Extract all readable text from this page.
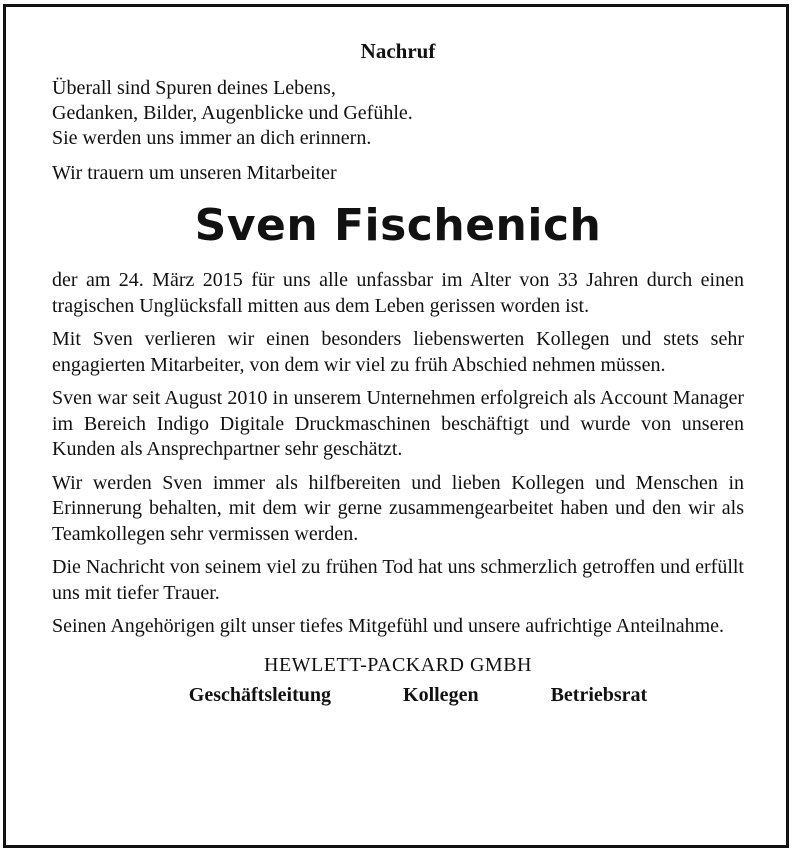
Nachruf
Überall sind Spuren deines Lebens,
Gedanken, Bilder, Augenblicke und Gefühle.
Sie werden uns immer an dich erinnern.
Wir trauern um unseren Mitarbeiter
Sven Fischenich

der am 24. März 2015 für uns alle unfassbar im Alter von 33 Jahren durch einen tragischen Unglücksfall mitten aus dem Leben gerissen worden ist.

Mit Sven verlieren wir einen besonders liebenswerten Kollegen und stets sehr engagierten Mitarbeiter, von dem wir viel zu früh Abschied nehmen müssen.

Sven war seit August 2010 in unserem Unternehmen erfolgreich als Account Manager im Bereich Indigo Digitale Druckmaschinen beschäftigt und wurde von unseren Kunden als Ansprechpartner sehr geschätzt.

Wir werden Sven immer als hilfbereiten und lieben Kollegen und Menschen in Erinnerung behalten, mit dem wir gerne zusammengearbeitet haben und den wir als Teamkollegen sehr vermissen werden.

Die Nachricht von seinem viel zu frühen Tod hat uns schmerzlich getroffen und erfüllt uns mit tiefer Trauer.

Seinen Angehörigen gilt unser tiefes Mitgefühl und unsere aufrichtige Anteilnahme.

HEWLETT-PACKARD GMBH
Geschäftsleitung	Kollegen	Betriebsrat
